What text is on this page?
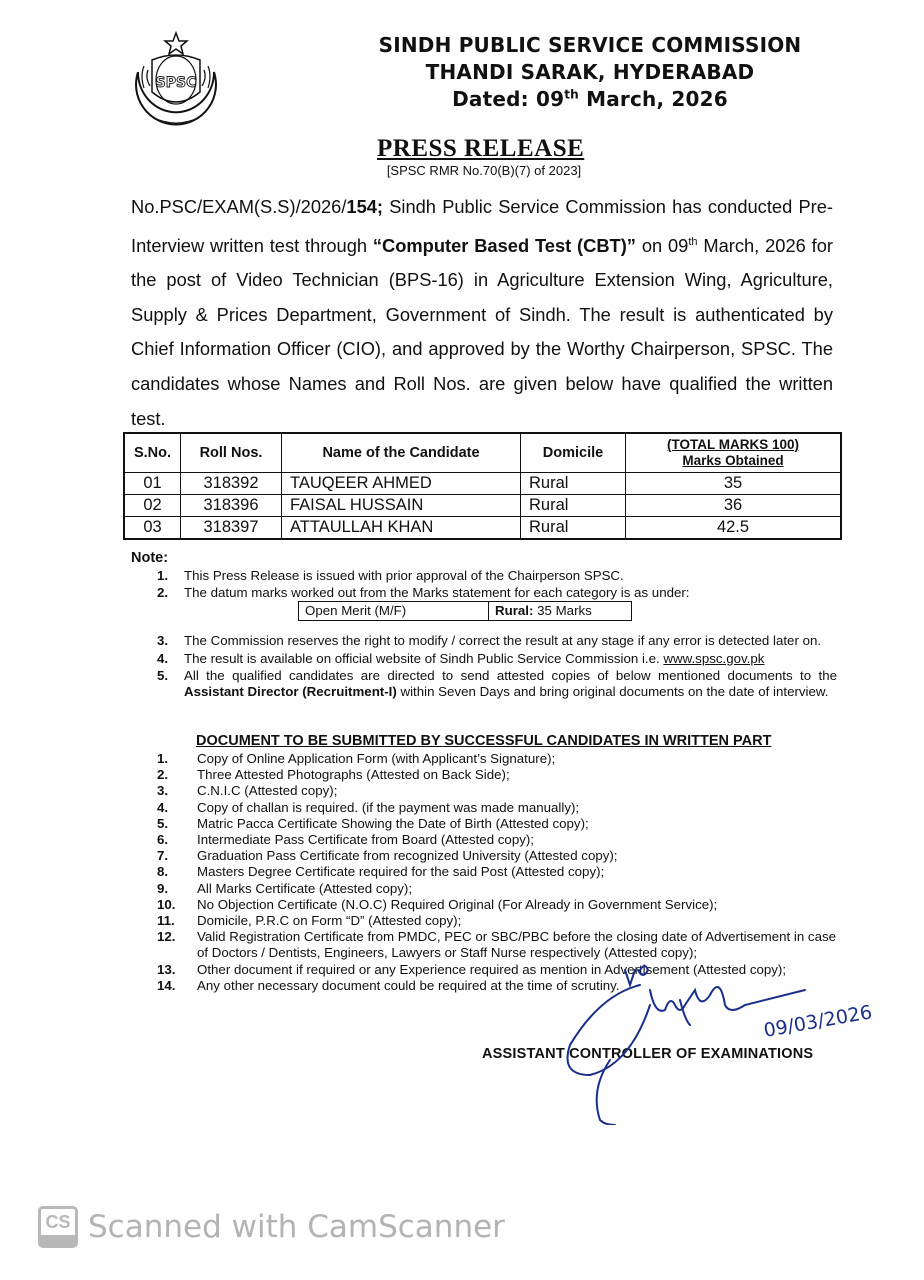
SPSC
SINDH PUBLIC SERVICE COMMISSION
THANDI SARAK, HYDERABAD
Dated: 09th March, 2026
PRESS RELEASE
[SPSC RMR No.70(B)(7) of 2023]
No.PSC/EXAM(S.S)/2026/154; Sindh Public Service Commission has conducted Pre-Interview written test through “Computer Based Test (CBT)” on 09th March, 2026 for the post of Video Technician (BPS-16) in Agriculture Extension Wing, Agriculture, Supply & Prices Department, Government of Sindh. The result is authenticated by Chief Information Officer (CIO), and approved by the Worthy Chairperson, SPSC. The candidates whose Names and Roll Nos. are given below have qualified the written test.
S.No.	Roll Nos.	Name of the Candidate	Domicile	(TOTAL MARKS 100)
Marks Obtained

01	318392	TAUQEER AHMED	Rural	35
02	318396	FAISAL HUSSAIN	Rural	36
03	318397	ATTAULLAH KHAN	Rural	42.5
Note:
1.	This Press Release is issued with prior approval of the Chairperson SPSC.
2.	The datum marks worked out from the Marks statement for each category is as under:
3.	The Commission reserves the right to modify / correct the result at any stage if any error is detected later on.
4.	The result is available on official website of Sindh Public Service Commission i.e. www.spsc.gov.pk
5.	All the qualified candidates are directed to send attested copies of below mentioned documents to the Assistant Director (Recruitment-I) within Seven Days and bring original documents on the date of interview.
Open Merit (M/F)	Rural: 35 Marks
DOCUMENT TO BE SUBMITTED BY SUCCESSFUL CANDIDATES IN WRITTEN PART
1.	Copy of Online Application Form (with Applicant’s Signature);
2.	Three Attested Photographs (Attested on Back Side);
3.	C.N.I.C (Attested copy);
4.	Copy of challan is required. (if the payment was made manually);
5.	Matric Pacca Certificate Showing the Date of Birth (Attested copy);
6.	Intermediate Pass Certificate from Board (Attested copy);
7.	Graduation Pass Certificate from recognized University (Attested copy);
8.	Masters Degree Certificate required for the said Post (Attested copy);
9.	All Marks Certificate (Attested copy);
10.	No Objection Certificate (N.O.C) Required Original (For Already in Government Service);
11.	Domicile, P.R.C on Form “D” (Attested copy);
12.	Valid Registration Certificate from PMDC, PEC or SBC/PBC before the closing date of Advertisement in case of Doctors / Dentists, Engineers, Lawyers or Staff Nurse respectively (Attested copy);
13.	Other document if required or any Experience required as mention in Advertisement (Attested copy);
14.	Any other necessary document could be required at the time of scrutiny.
ASSISTANT CONTROLLER OF EXAMINATIONS
09/03/2026
CS Scanned with CamScanner
